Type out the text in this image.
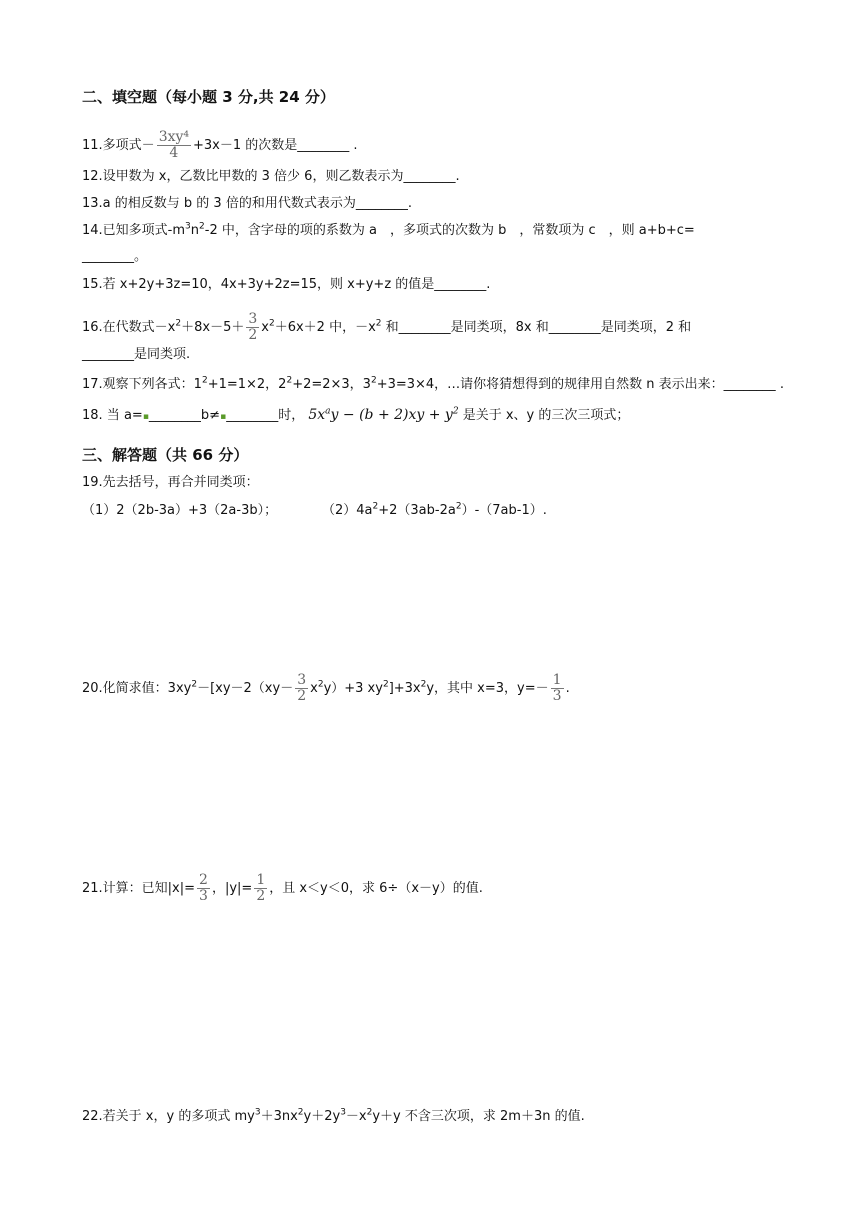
二、填空题（每小题 3 分,共 24 分）
11.多项式－ $\frac{\text{3xy⁴}}{4} +3x-1$ 的次数是________ .
12.设甲数为 x，乙数比甲数的 3 倍少 6，则乙数表示为________.
13.a 的相反数与 b 的 3 倍的和用代数式表示为________.
14.已知多项式$-m^3n^2-2$ 中，含字母的项的系数为 a　，多项式的次数为 b　，常数项为 c　，则 a+b+c=
________。
15.若 x+2y+3z=10，4x+3y+2z=15，则 x+y+z 的值是________.
16.在代数式$-x^2+8x-5+ \frac{3}{2} x^2+6x+2$ 中，$-x^2$ 和________是同类项，8x 和________是同类项，2 和
________是同类项.
17.观察下列各式：$1^2+1=1\times 2$，$2^2+2=2\times 3$，$3^2+3=3\times 4$，…请你将猜想得到的规律用自然数 n 表示出来：________ .
18. 当 a=▪________b≠▪________时， $5x^ay - (b + 2)xy + y^2$ 是关于 x、y 的三次三项式；
三、解答题（共 66 分）
19.先去括号，再合并同类项：
（1）2（2b-3a）+3（2a-3b）；	$(2)4a^2+2(3ab-2a^2)-(7ab-1)$.
20.化简求值：$3xy^2-[xy-2(xy- \frac{3}{2} x^2y)+3$ $xy^2]+3x^2y$，其中 x=3，$y=- \frac{1}{3}$ .
21.计算：已知$|x|= \frac{2}{3}$ ，$|y|= \frac{1}{2}$ ，且 x＜y＜0，求 6÷（x－y）的值.
22.若关于 x，y 的多项式 $my^3+3nx^2y+2y^3-x^2y+y$ 不含三次项，求 2m＋3n 的值.
